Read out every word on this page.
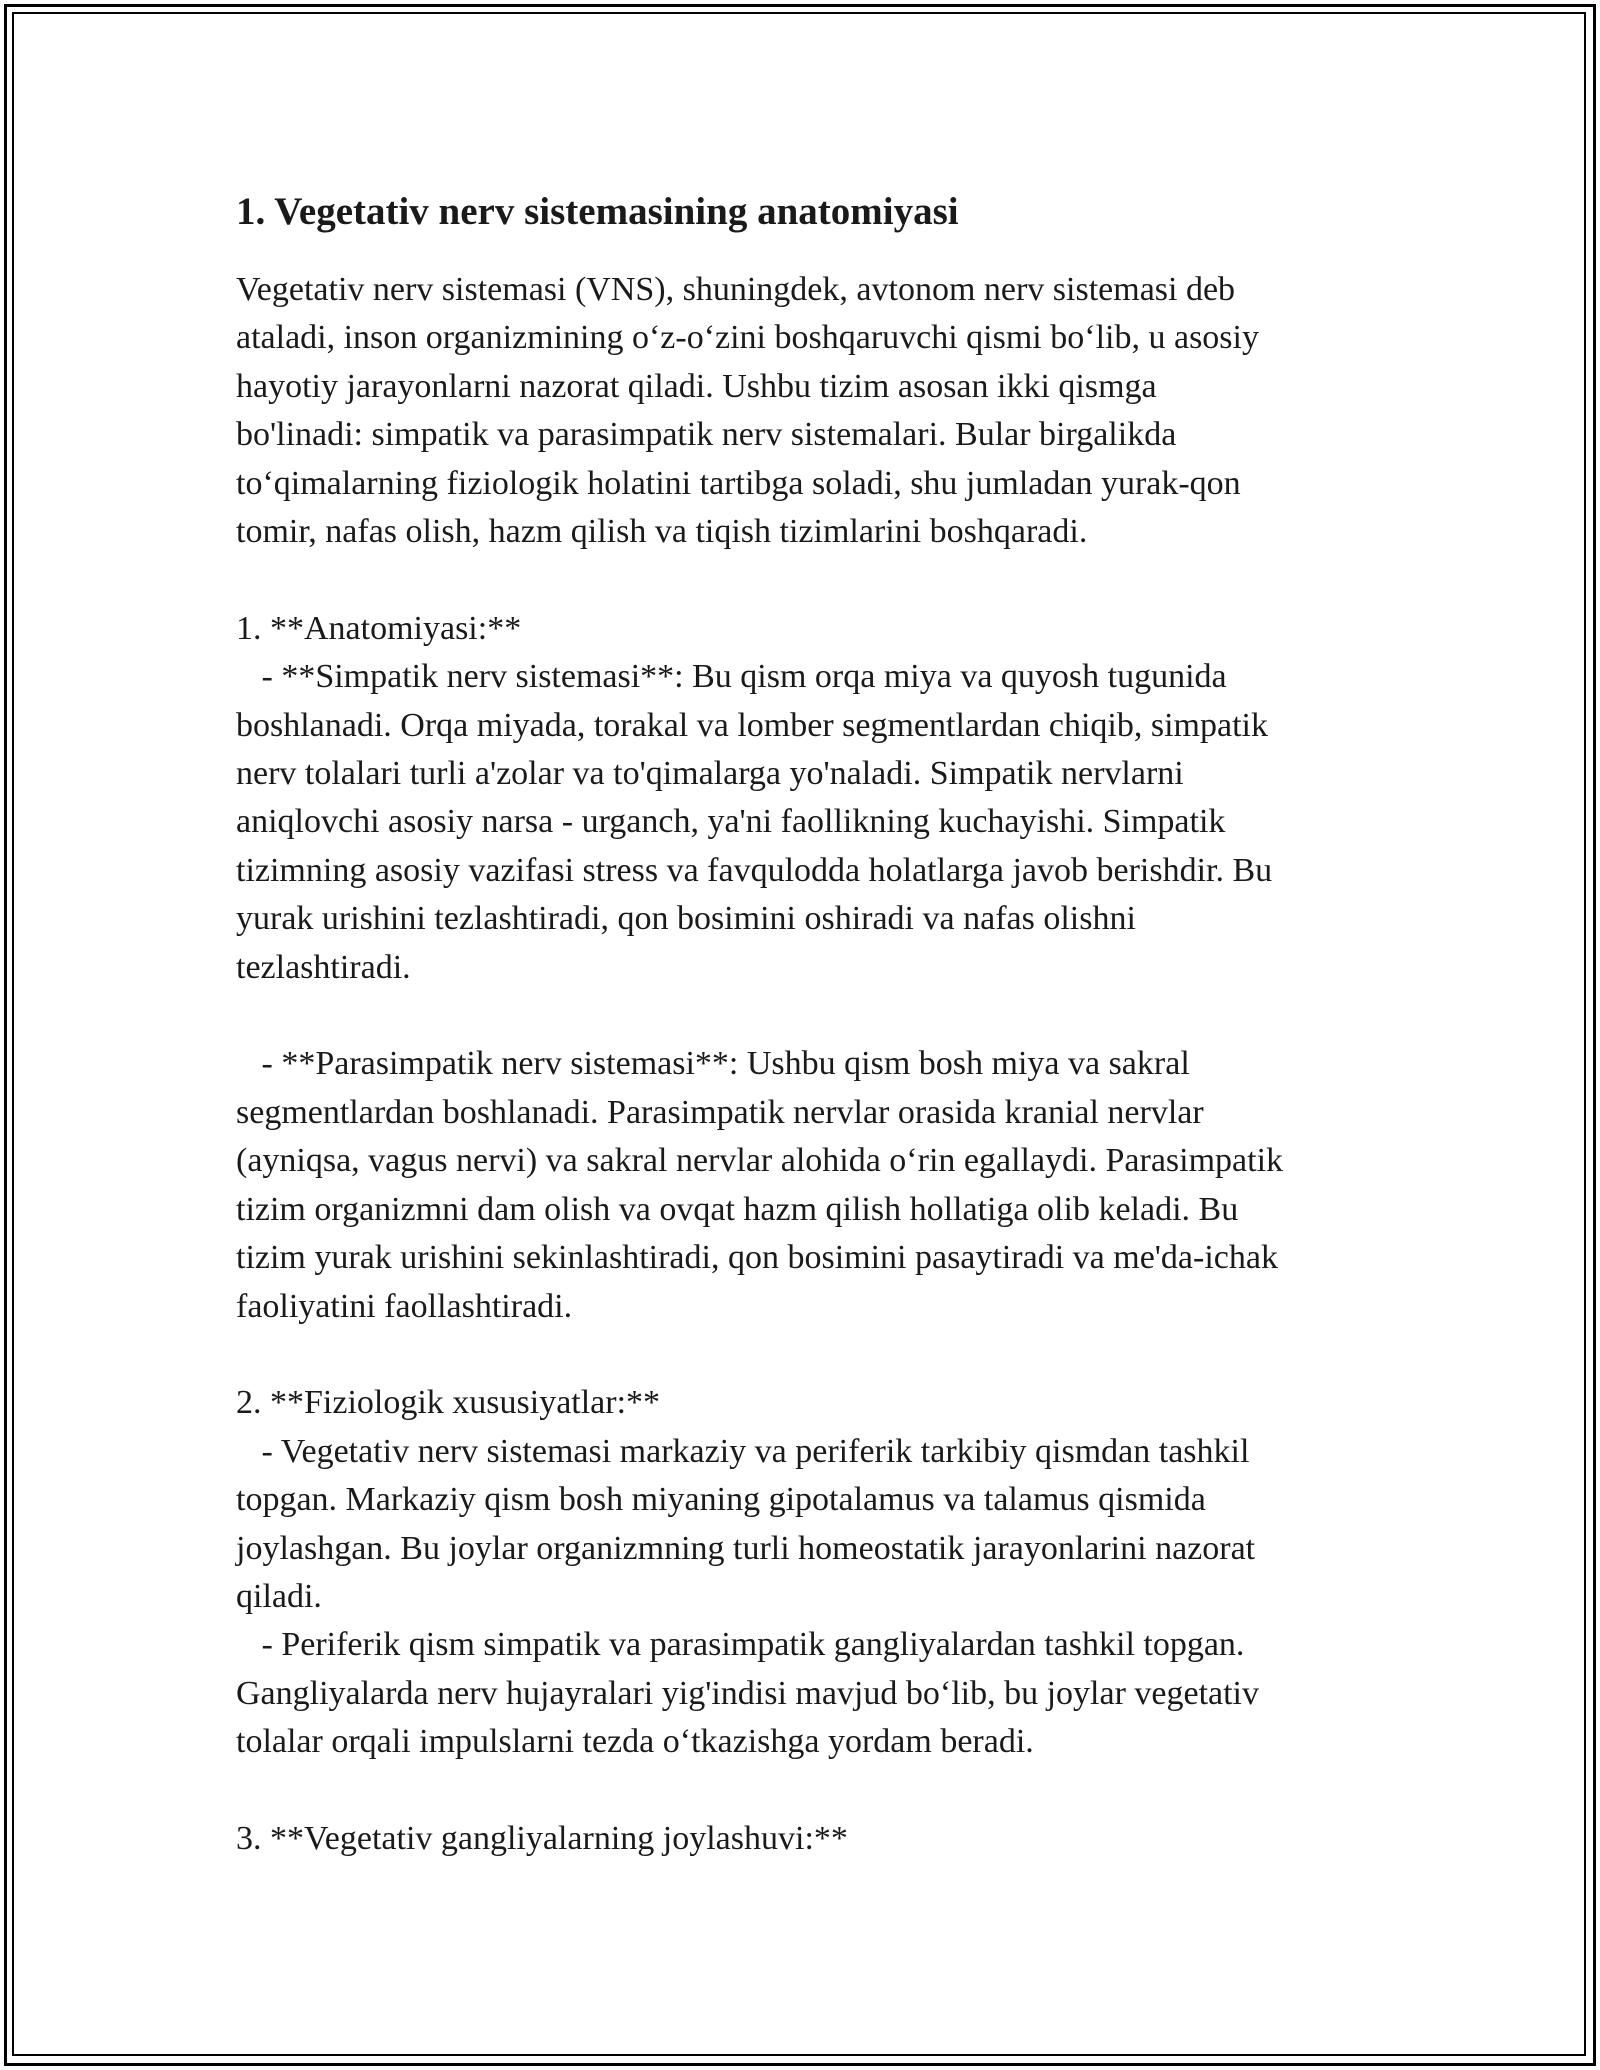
1. Vegetativ nerv sistemasining anatomiyasi

Vegetativ nerv sistemasi (VNS), shuningdek, avtonom nerv sistemasi deb
ataladi, inson organizmining o‘z-o‘zini boshqaruvchi qismi bo‘lib, u asosiy
hayotiy jarayonlarni nazorat qiladi. Ushbu tizim asosan ikki qismga
bo'linadi: simpatik va parasimpatik nerv sistemalari. Bular birgalikda
to‘qimalarning fiziologik holatini tartibga soladi, shu jumladan yurak-qon
tomir, nafas olish, hazm qilish va tiqish tizimlarini boshqaradi.

1. **Anatomiyasi:**
- **Simpatik nerv sistemasi**: Bu qism orqa miya va quyosh tugunida
boshlanadi. Orqa miyada, torakal va lomber segmentlardan chiqib, simpatik
nerv tolalari turli a'zolar va to'qimalarga yo'naladi. Simpatik nervlarni
aniqlovchi asosiy narsa - urganch, ya'ni faollikning kuchayishi. Simpatik
tizimning asosiy vazifasi stress va favqulodda holatlarga javob berishdir. Bu
yurak urishini tezlashtiradi, qon bosimini oshiradi va nafas olishni
tezlashtiradi.

- **Parasimpatik nerv sistemasi**: Ushbu qism bosh miya va sakral
segmentlardan boshlanadi. Parasimpatik nervlar orasida kranial nervlar
(ayniqsa, vagus nervi) va sakral nervlar alohida o‘rin egallaydi. Parasimpatik
tizim organizmni dam olish va ovqat hazm qilish hollatiga olib keladi. Bu
tizim yurak urishini sekinlashtiradi, qon bosimini pasaytiradi va me'da-ichak
faoliyatini faollashtiradi.

2. **Fiziologik xususiyatlar:**
- Vegetativ nerv sistemasi markaziy va periferik tarkibiy qismdan tashkil
topgan. Markaziy qism bosh miyaning gipotalamus va talamus qismida
joylashgan. Bu joylar organizmning turli homeostatik jarayonlarini nazorat
qiladi.
- Periferik qism simpatik va parasimpatik gangliyalardan tashkil topgan.
Gangliyalarda nerv hujayralari yig'indisi mavjud bo‘lib, bu joylar vegetativ
tolalar orqali impulslarni tezda o‘tkazishga yordam beradi.

3. **Vegetativ gangliyalarning joylashuvi:**
